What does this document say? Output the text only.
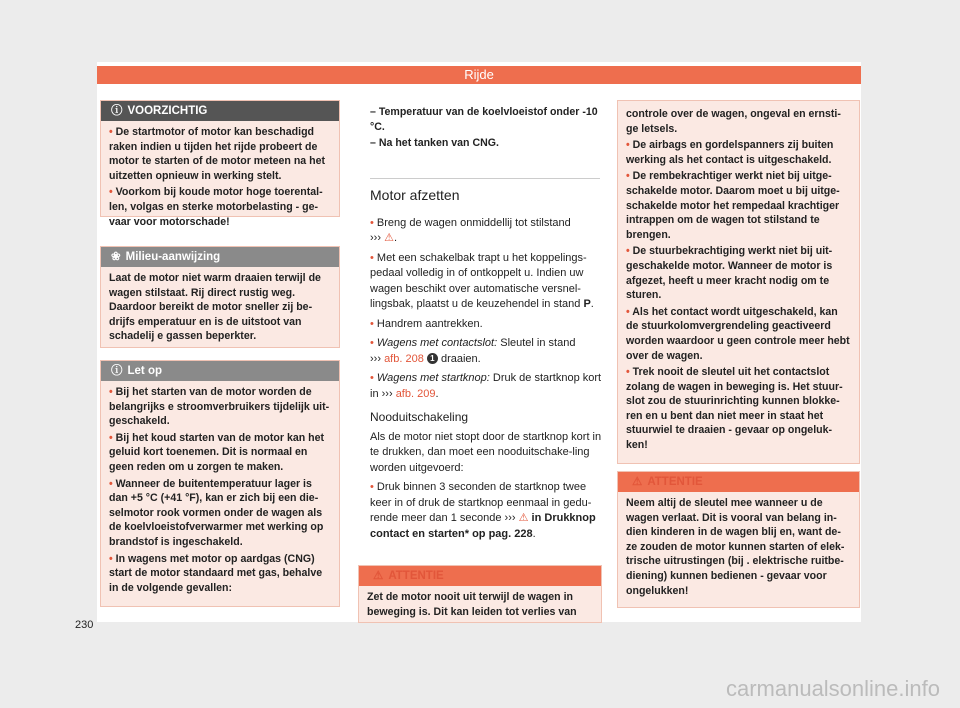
Rijde
ⓘ VOORZICHTIG

• De startmotor of motor kan beschadigd raken indien u tijden het rijde probeert de motor te starten of de motor meteen na het uitzetten opnieuw in werking stelt.

• Voorkom bij koude motor hoge toerental-len, volgas en sterke motorbelasting - ge-vaar voor motorschade!

❀ Milieu-aanwijzing

Laat de motor niet warm draaien terwijl de wagen stilstaat. Rij direct rustig weg. Daardoor bereikt de motor sneller zij be-drijfs emperatuur en is de uitstoot van schadelij e gassen beperkter.

ⓘ Let op

• Bij het starten van de motor worden de belangrijks e stroomverbruikers tijdelijk uit-geschakeld.

• Bij het koud starten van de motor kan het geluid kort toenemen. Dit is normaal en geen reden om u zorgen te maken.

• Wanneer de buitentemperatuur lager is dan +5 °C (+41 °F), kan er zich bij een die-selmotor rook vormen onder de wagen als de koelvloeistofverwarmer met werking op brandstof is ingeschakeld.

• In wagens met motor op aardgas (CNG) start de motor standaard met gas, behalve in de volgende gevallen:

– Temperatuur van de koelvloeistof onder -10 °C.
– Na het tanken van CNG.

Motor afzetten

• Breng de wagen onmiddellij tot stilstand
››› ⚠.

• Met een schakelbak trapt u het koppelings-pedaal volledig in of ontkoppelt u. Indien uw wagen beschikt over automatische versnel-lingsbak, plaatst u de keuzehendel in stand P.

• Handrem aantrekken.

• Wagens met contactslot: Sleutel in stand
››› afb. 208 1 draaien.

• Wagens met startknop: Druk de startknop kort in ››› afb. 209.

Nooduitschakeling

Als de motor niet stopt door de startknop kort in te drukken, dan moet een nooduitschake-ling worden uitgevoerd:

• Druk binnen 3 seconden de startknop twee keer in of druk de startknop eenmaal in gedu-rende meer dan 1 seconde ››› ⚠ in Drukknop contact en starten* op pag. 228.

⚠ ATTENTIE

Zet de motor nooit uit terwijl de wagen in beweging is. Dit kan leiden tot verlies van

controle over de wagen, ongeval en ernsti-ge letsels.

• De airbags en gordelspanners zij buiten werking als het contact is uitgeschakeld.

• De rembekrachtiger werkt niet bij uitge-schakelde motor. Daarom moet u bij uitge-schakelde motor het rempedaal krachtiger intrappen om de wagen tot stilstand te brengen.

• De stuurbekrachtiging werkt niet bij uit-geschakelde motor. Wanneer de motor is afgezet, heeft u meer kracht nodig om te sturen.

• Als het contact wordt uitgeschakeld, kan de stuurkolomvergrendeling geactiveerd worden waardoor u geen controle meer hebt over de wagen.

• Trek nooit de sleutel uit het contactslot zolang de wagen in beweging is. Het stuur-slot zou de stuurinrichting kunnen blokke-ren en u bent dan niet meer in staat het stuurwiel te draaien - gevaar op ongeluk-ken!

⚠ ATTENTIE

Neem altij de sleutel mee wanneer u de wagen verlaat. Dit is vooral van belang in-dien kinderen in de wagen blij en, want de-ze zouden de motor kunnen starten of elek-trische uitrustingen (bij . elektrische ruitbe-diening) kunnen bedienen - gevaar voor ongelukken!

230
carmanualsonline.info
